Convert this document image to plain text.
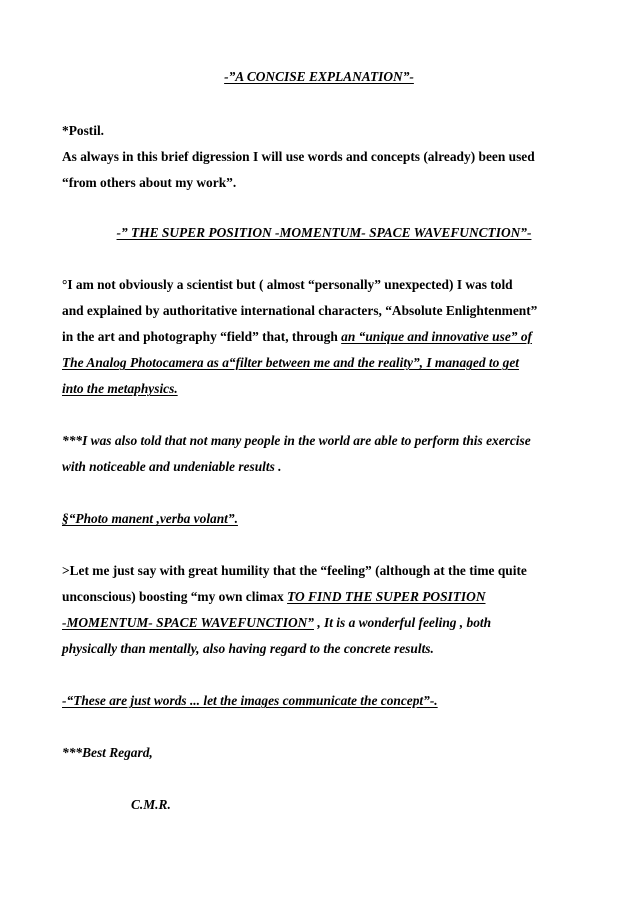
-”A CONCISE EXPLANATION”-
*Postil.
As always in this brief digression I will use words and concepts (already) been used
“from others about my work”.
-” THE SUPER POSITION -MOMENTUM- SPACE WAVEFUNCTION”-
°I am not obviously a scientist but ( almost “personally” unexpected) I was told
and explained by authoritative international characters, “Absolute Enlightenment”
in the art and photography “field” that, through an “unique and innovative use” of
The Analog Photocamera as a“filter between me and the reality”, I managed to get
into the metaphysics.
***I was also told that not many people in the world are able to perform this exercise
with noticeable and undeniable results .
§“Photo manent ,verba volant”.
>Let me just say with great humility that the “feeling” (although at the time quite
unconscious) boosting “my own climax TO FIND THE SUPER POSITION
-MOMENTUM- SPACE WAVEFUNCTION” , It is a wonderful feeling , both
physically than mentally, also having regard to the concrete results.
-“These are just words ... let the images communicate the concept”-.
***Best Regard,
C.M.R.
